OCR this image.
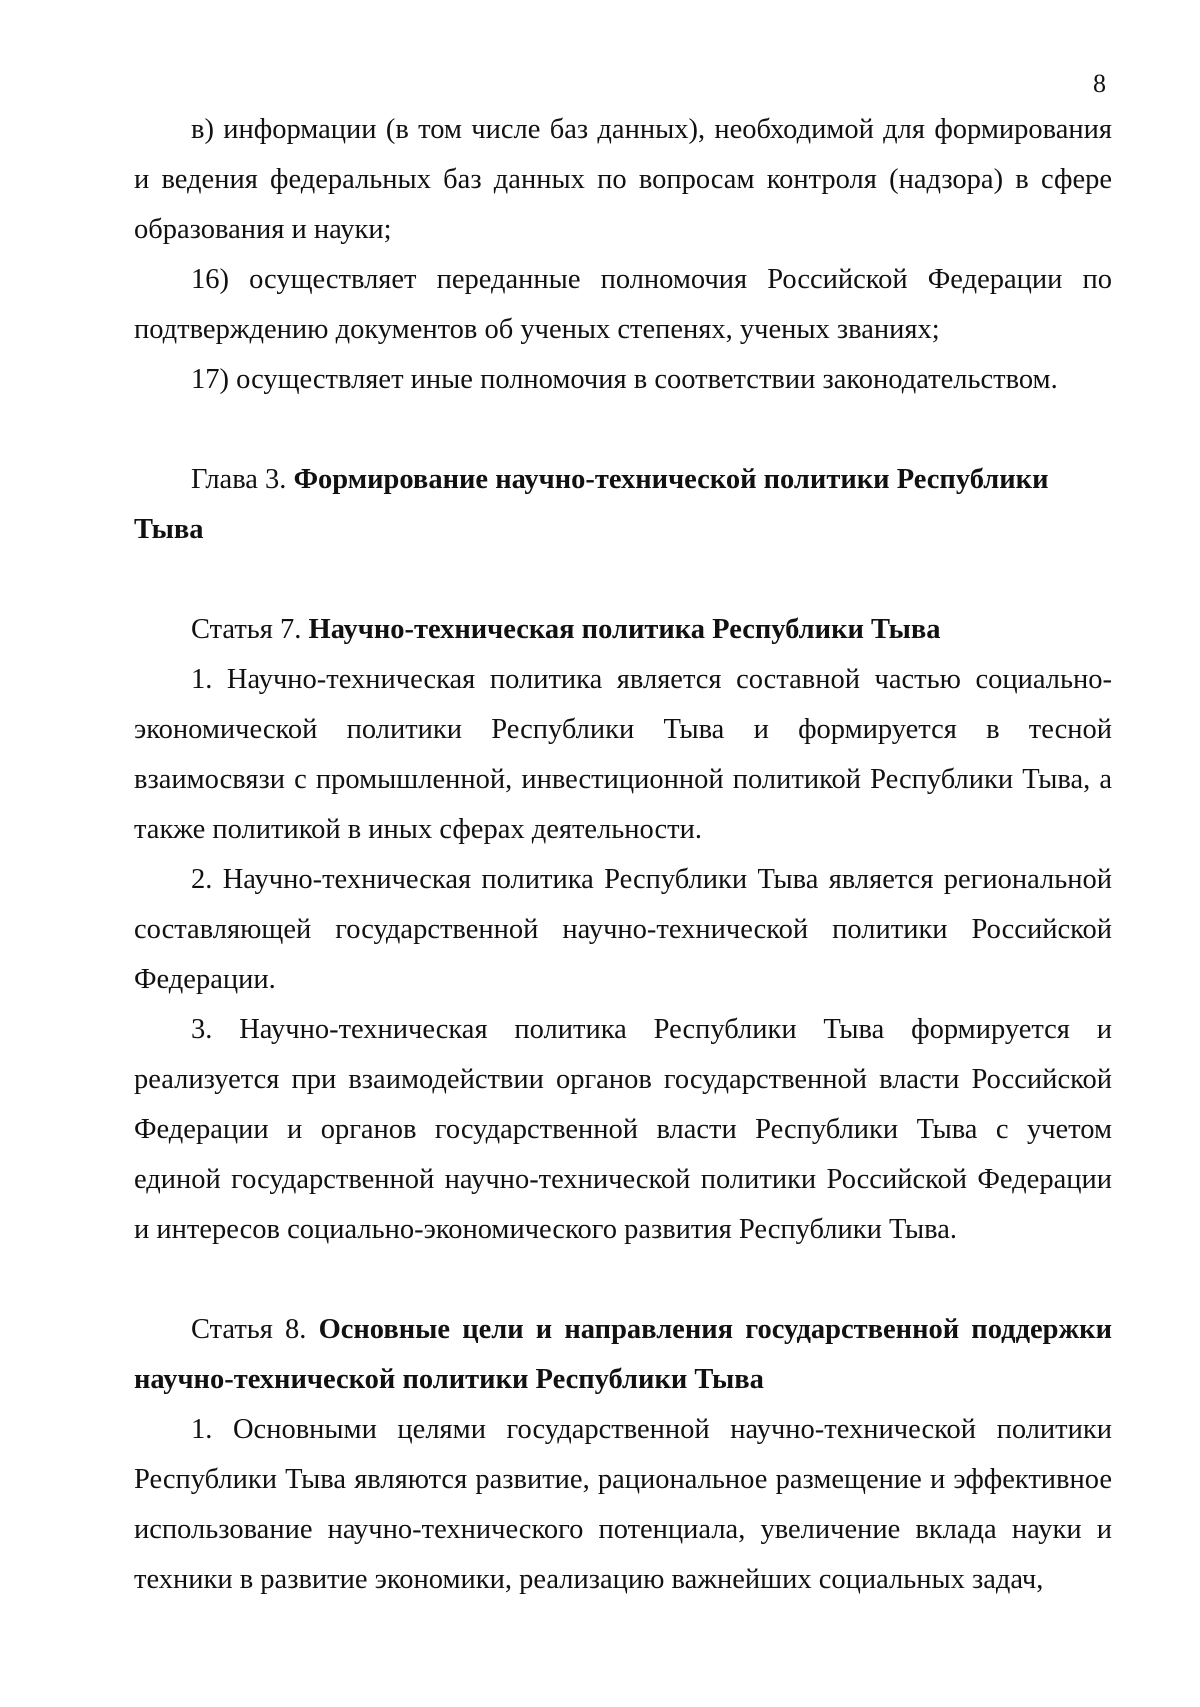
8

в) информации (в том числе баз данных), необходимой для формирования и ведения федеральных баз данных по вопросам контроля (надзора) в сфере образования и науки;

16) осуществляет переданные полномочия Российской Федерации по подтверждению документов об ученых степенях, ученых званиях;

17) осуществляет иные полномочия в соответствии законодательством.

Глава 3. Формирование научно-технической политики Республики Тыва

Статья 7. Научно-техническая политика Республики Тыва

1. Научно-техническая политика является составной частью социально-экономической политики Республики Тыва и формируется в тесной взаимосвязи с промышленной, инвестиционной политикой Республики Тыва, а также политикой в иных сферах деятельности.

2. Научно-техническая политика Республики Тыва является региональной составляющей государственной научно-технической политики Российской Федерации.

3. Научно-техническая политика Республики Тыва формируется и реализуется при взаимодействии органов государственной власти Российской Федерации и органов государственной власти Республики Тыва с учетом единой государственной научно-технической политики Российской Федерации и интересов социально-экономического развития Республики Тыва.

Статья 8. Основные цели и направления государственной поддержки научно-технической политики Республики Тыва

1. Основными целями государственной научно-технической политики Республики Тыва являются развитие, рациональное размещение и эффективное использование научно-технического потенциала, увеличение вклада науки и техники в развитие экономики, реализацию важнейших социальных задач,
